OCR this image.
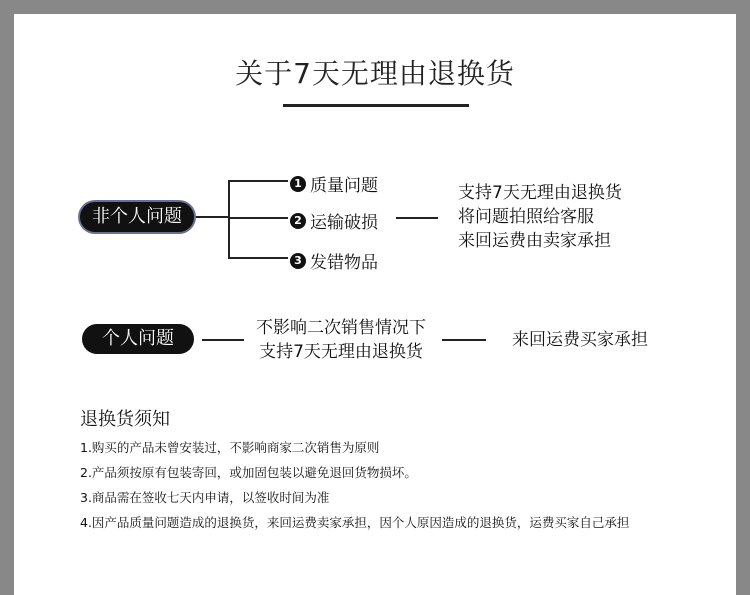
关于7天无理由退换货
非个人问题
1 质量问题
2 运输破损
3 发错物品
支持7天无理由退换货
将问题拍照给客服
来回运费由卖家承担
个人问题	不影响二次销售情况下
支持7天无理由退换货
来回运费买家承担
退换货须知
1.购买的产品未曾安装过，不影响商家二次销售为原则
2.产品须按原有包装寄回，或加固包装以避免退回货物损坏。
3.商品需在签收七天内申请，以签收时间为准
4.因产品质量问题造成的退换货，来回运费卖家承担，因个人原因造成的退换货，运费买家自己承担
